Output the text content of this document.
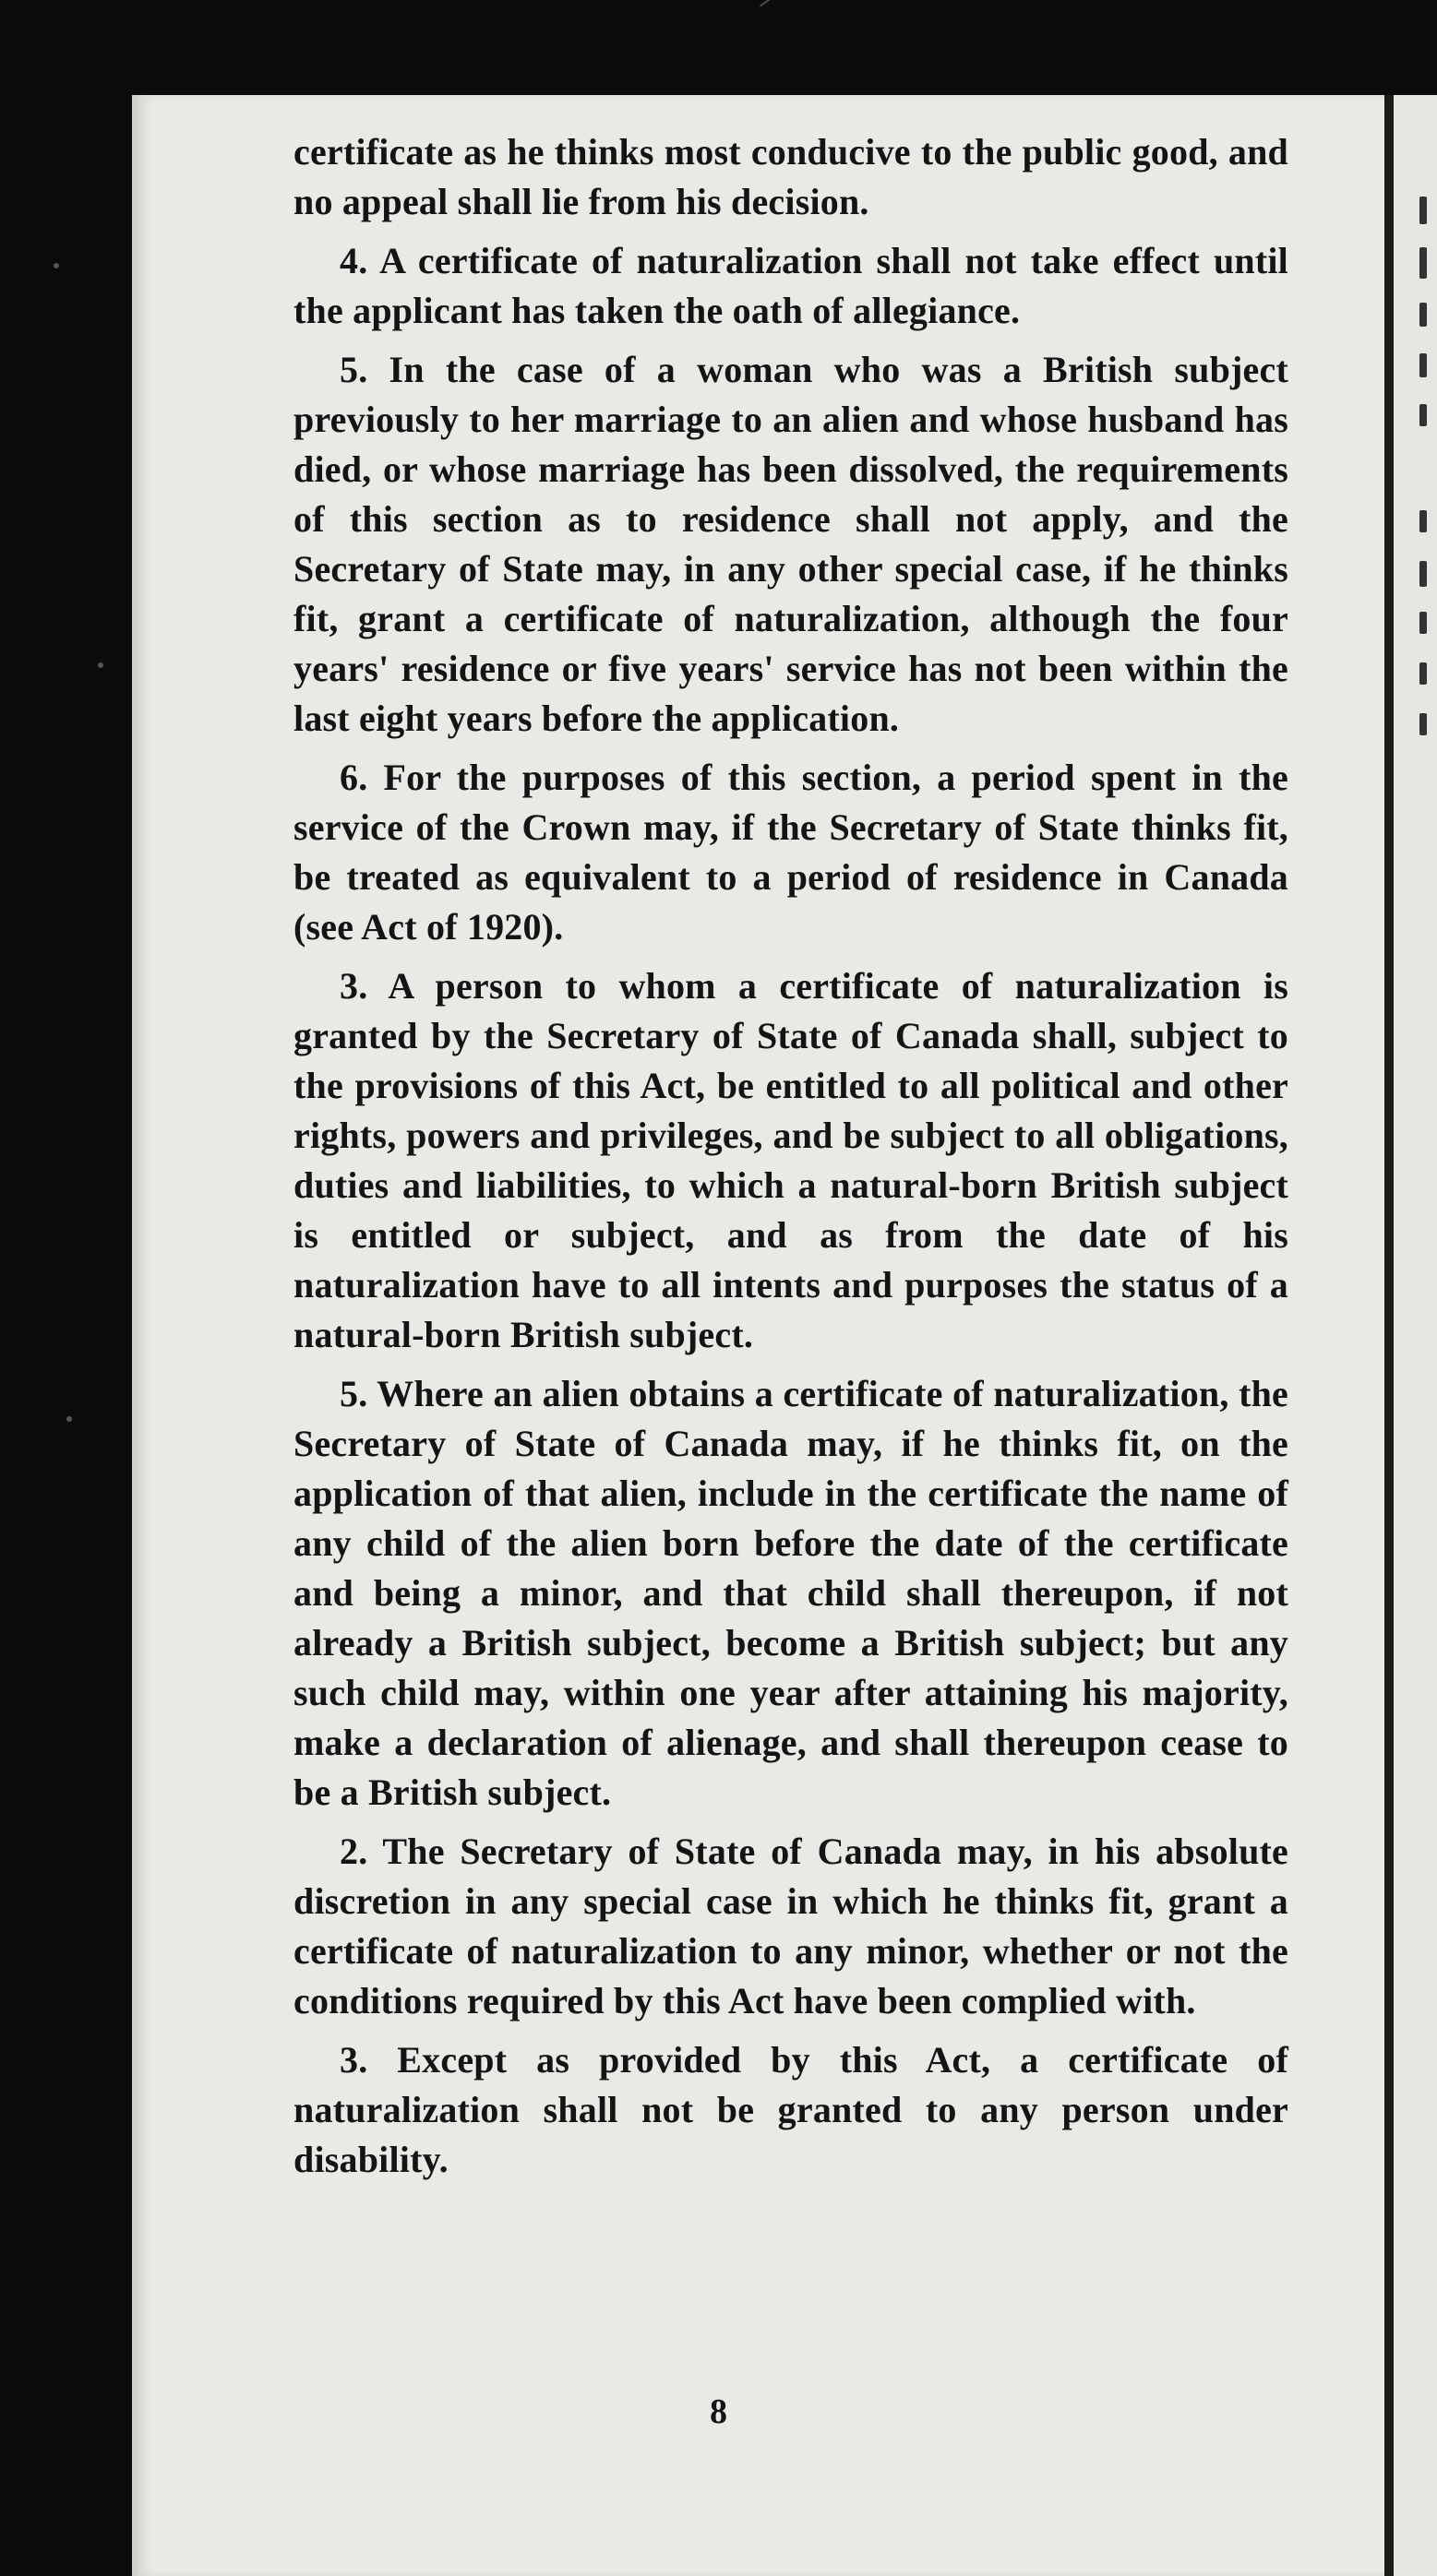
certificate as he thinks most conducive to the public good, and no appeal shall lie from his decision.

4. A certificate of naturalization shall not take effect until the applicant has taken the oath of allegiance.

5. In the case of a woman who was a British subject previously to her marriage to an alien and whose husband has died, or whose marriage has been dissolved, the requirements of this section as to residence shall not apply, and the Secretary of State may, in any other special case, if he thinks fit, grant a certificate of naturalization, although the four years' residence or five years' service has not been within the last eight years before the application.

6. For the purposes of this section, a period spent in the service of the Crown may, if the Secretary of State thinks fit, be treated as equivalent to a period of residence in Canada (see Act of 1920).

3. A person to whom a certificate of naturalization is granted by the Secretary of State of Canada shall, subject to the provisions of this Act, be entitled to all political and other rights, powers and privileges, and be subject to all obligations, duties and liabilities, to which a natural-born British subject is entitled or subject, and as from the date of his naturalization have to all intents and purposes the status of a natural-born British subject.

5. Where an alien obtains a certificate of naturalization, the Secretary of State of Canada may, if he thinks fit, on the application of that alien, include in the certificate the name of any child of the alien born before the date of the certificate and being a minor, and that child shall thereupon, if not already a British subject, become a British subject; but any such child may, within one year after attaining his majority, make a declaration of alienage, and shall thereupon cease to be a British subject.

2. The Secretary of State of Canada may, in his absolute discretion in any special case in which he thinks fit, grant a certificate of naturalization to any minor, whether or not the conditions required by this Act have been complied with.

3. Except as provided by this Act, a certificate of naturalization shall not be granted to any person under disability.

8
